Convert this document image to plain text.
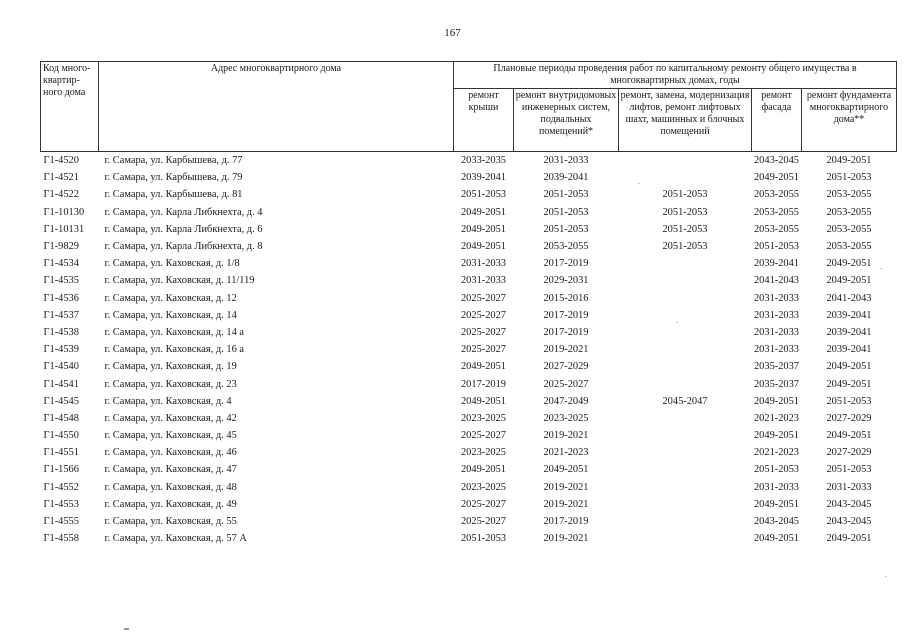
167
Код много-квартир-ного дома	Адрес многоквартирного дома	Плановые периоды проведения работ по капитальному ремонту общего имущества в многоквартирных домах, годы				
		ремонт крыши	ремонт внутридомовых инженерных систем, подвальных помещений*	ремонт, замена, модернизация лифтов, ремонт лифтовых шахт, машинных и блочных помещений	ремонт фасада	ремонт фундамента многоквартирного дома**
Г1-4520	г. Самара, ул. Карбышева, д. 77	2033-2035	2031-2033		2043-2045	2049-2051
Г1-4521	г. Самара, ул. Карбышева, д. 79	2039-2041	2039-2041		2049-2051	2051-2053
Г1-4522	г. Самара, ул. Карбышева, д. 81	2051-2053	2051-2053	2051-2053	2053-2055	2053-2055
Г1-10130	г. Самара, ул. Карла Либкнехта, д. 4	2049-2051	2051-2053	2051-2053	2053-2055	2053-2055
Г1-10131	г. Самара, ул. Карла Либкнехта, д. 6	2049-2051	2051-2053	2051-2053	2053-2055	2053-2055
Г1-9829	г. Самара, ул. Карла Либкнехта, д. 8	2049-2051	2053-2055	2051-2053	2051-2053	2053-2055
Г1-4534	г. Самара, ул. Каховская, д. 1/8	2031-2033	2017-2019		2039-2041	2049-2051
Г1-4535	г. Самара, ул. Каховская, д. 11/119	2031-2033	2029-2031		2041-2043	2049-2051
Г1-4536	г. Самара, ул. Каховская, д. 12	2025-2027	2015-2016		2031-2033	2041-2043
Г1-4537	г. Самара, ул. Каховская, д. 14	2025-2027	2017-2019		2031-2033	2039-2041
Г1-4538	г. Самара, ул. Каховская, д. 14 а	2025-2027	2017-2019		2031-2033	2039-2041
Г1-4539	г. Самара, ул. Каховская, д. 16 а	2025-2027	2019-2021		2031-2033	2039-2041
Г1-4540	г. Самара, ул. Каховская, д. 19	2049-2051	2027-2029		2035-2037	2049-2051
Г1-4541	г. Самара, ул. Каховская, д. 23	2017-2019	2025-2027		2035-2037	2049-2051
Г1-4545	г. Самара, ул. Каховская, д. 4	2049-2051	2047-2049	2045-2047	2049-2051	2051-2053
Г1-4548	г. Самара, ул. Каховская, д. 42	2023-2025	2023-2025		2021-2023	2027-2029
Г1-4550	г. Самара, ул. Каховская, д. 45	2025-2027	2019-2021		2049-2051	2049-2051
Г1-4551	г. Самара, ул. Каховская, д. 46	2023-2025	2021-2023		2021-2023	2027-2029
Г1-1566	г. Самара, ул. Каховская, д. 47	2049-2051	2049-2051		2051-2053	2051-2053
Г1-4552	г. Самара, ул. Каховская, д. 48	2023-2025	2019-2021		2031-2033	2031-2033
Г1-4553	г. Самара, ул. Каховская, д. 49	2025-2027	2019-2021		2049-2051	2043-2045
Г1-4555	г. Самара, ул. Каховская, д. 55	2025-2027	2017-2019		2043-2045	2043-2045
Г1-4558	г. Самара, ул. Каховская, д. 57 А	2051-2053	2019-2021		2049-2051	2049-2051
